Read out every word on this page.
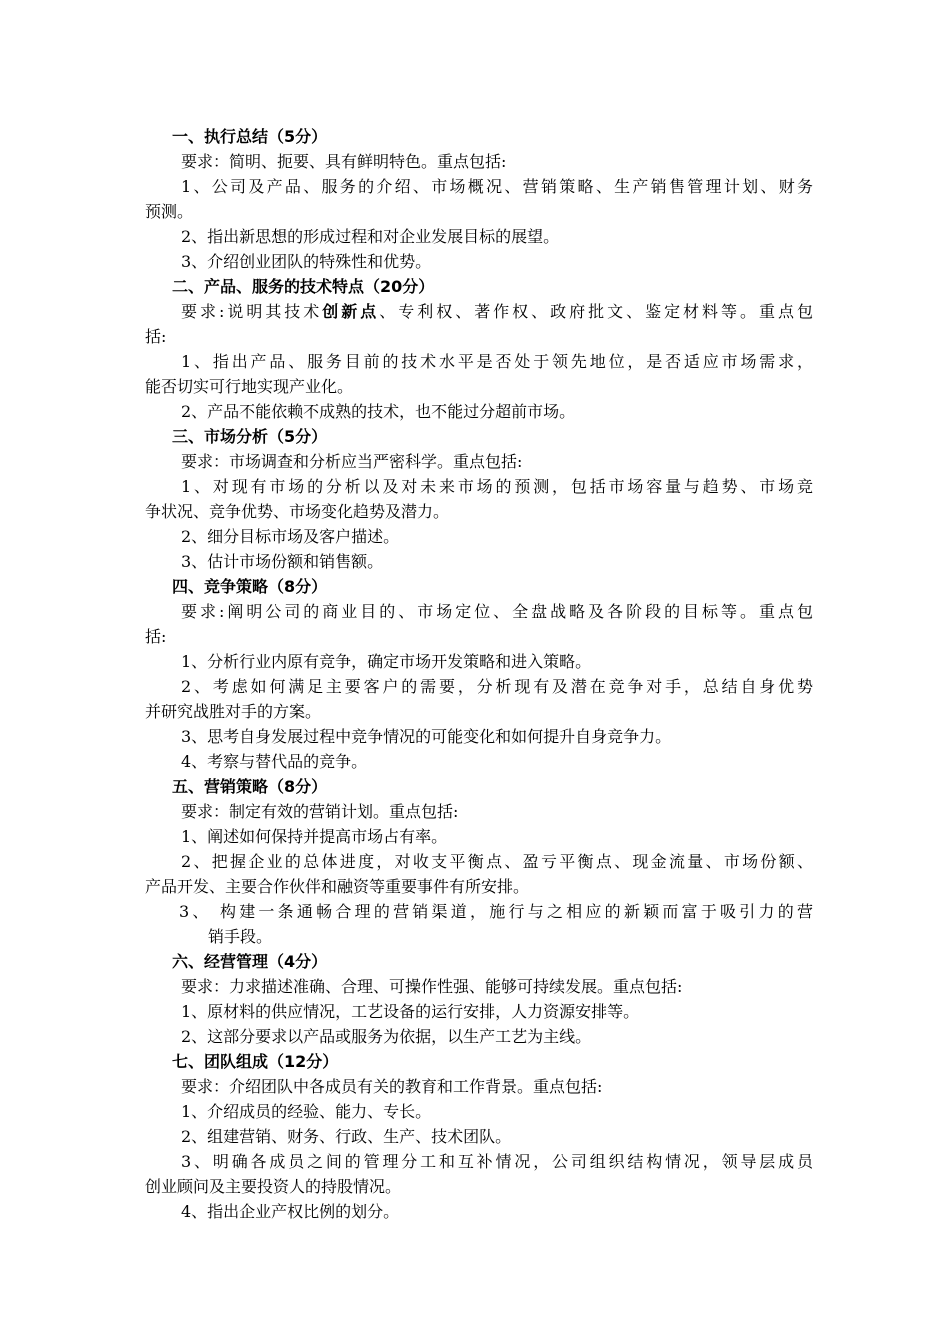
一、执行总结（5分）
要求：简明、扼要、具有鲜明特色。重点包括:
1、公司及产品、服务的介绍、市场概况、营销策略、生产销售管理计划、财务
预测。
2、指出新思想的形成过程和对企业发展目标的展望。
3、介绍创业团队的特殊性和优势。
二、产品、服务的技术特点（20分）
要求:说明其技术创新点、专利权、著作权、政府批文、鉴定材料等。重点包
括:
1、指出产品、服务目前的技术水平是否处于领先地位，是否适应市场需求，
能否切实可行地实现产业化。
2、产品不能依赖不成熟的技术，也不能过分超前市场。
三、市场分析（5分）
要求：市场调查和分析应当严密科学。重点包括:
1、对现有市场的分析以及对未来市场的预测，包括市场容量与趋势、市场竞
争状况、竞争优势、市场变化趋势及潜力。
2、细分目标市场及客户描述。
3、估计市场份额和销售额。
四、竞争策略（8分）
要求:阐明公司的商业目的、市场定位、全盘战略及各阶段的目标等。重点包
括:
1、分析行业内原有竞争，确定市场开发策略和进入策略。
2、考虑如何满足主要客户的需要，分析现有及潜在竞争对手，总结自身优势
并研究战胜对手的方案。
3、思考自身发展过程中竞争情况的可能变化和如何提升自身竞争力。
4、考察与替代品的竞争。
五、营销策略（8分）
要求：制定有效的营销计划。重点包括:
1、阐述如何保持并提高市场占有率。
2、把握企业的总体进度，对收支平衡点、盈亏平衡点、现金流量、市场份额、
产品开发、主要合作伙伴和融资等重要事件有所安排。
3、 构建一条通畅合理的营销渠道，施行与之相应的新颖而富于吸引力的营
销手段。
六、经营管理（4分）
要求：力求描述准确、合理、可操作性强、能够可持续发展。重点包括:
1、原材料的供应情况，工艺设备的运行安排，人力资源安排等。
2、这部分要求以产品或服务为依据，以生产工艺为主线。
七、团队组成（12分）
要求：介绍团队中各成员有关的教育和工作背景。重点包括:
1、介绍成员的经验、能力、专长。
2、组建营销、财务、行政、生产、技术团队。
3、明确各成员之间的管理分工和互补情况，公司组织结构情况，领导层成员
创业顾问及主要投资人的持股情况。
4、指出企业产权比例的划分。
